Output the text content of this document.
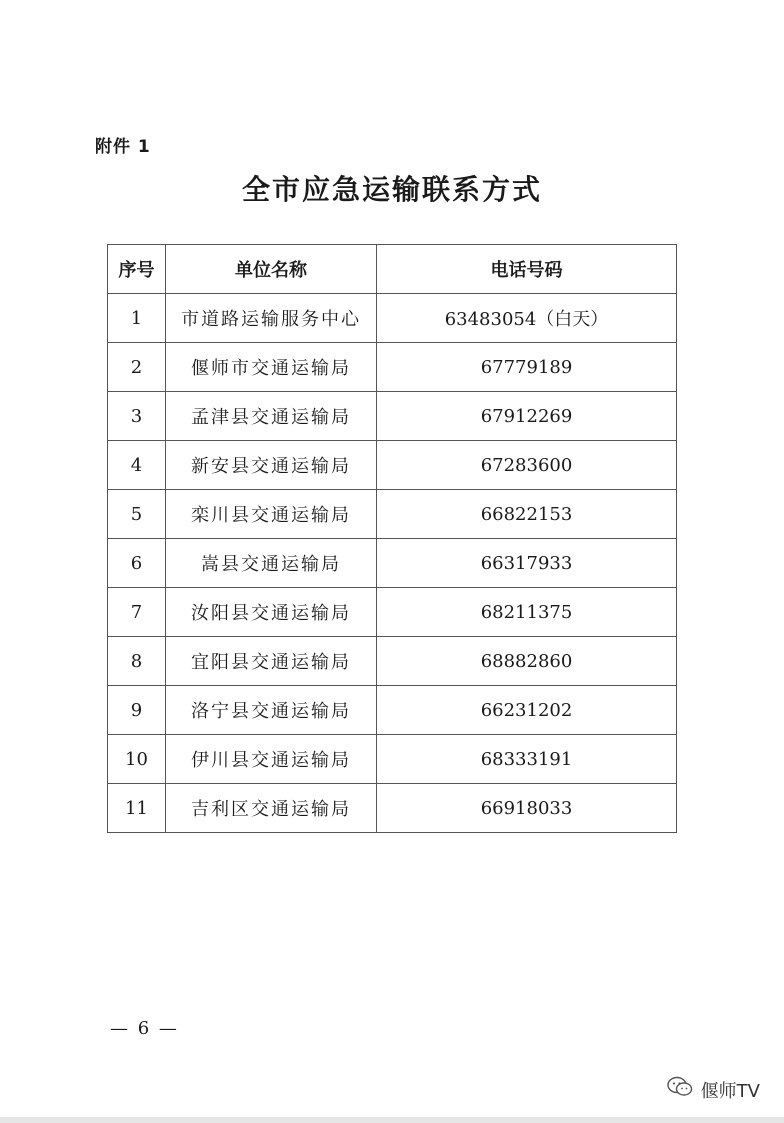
附件 1
全市应急运输联系方式
序号	单位名称	电话号码
1	市道路运输服务中心	63483054（白天）
2	偃师市交通运输局	67779189
3	孟津县交通运输局	67912269
4	新安县交通运输局	67283600
5	栾川县交通运输局	66822153
6	嵩县交通运输局	66317933
7	汝阳县交通运输局	68211375
8	宜阳县交通运输局	68882860
9	洛宁县交通运输局	66231202
10	伊川县交通运输局	68333191
11	吉利区交通运输局	66918033
— 6 —
偃师TV
